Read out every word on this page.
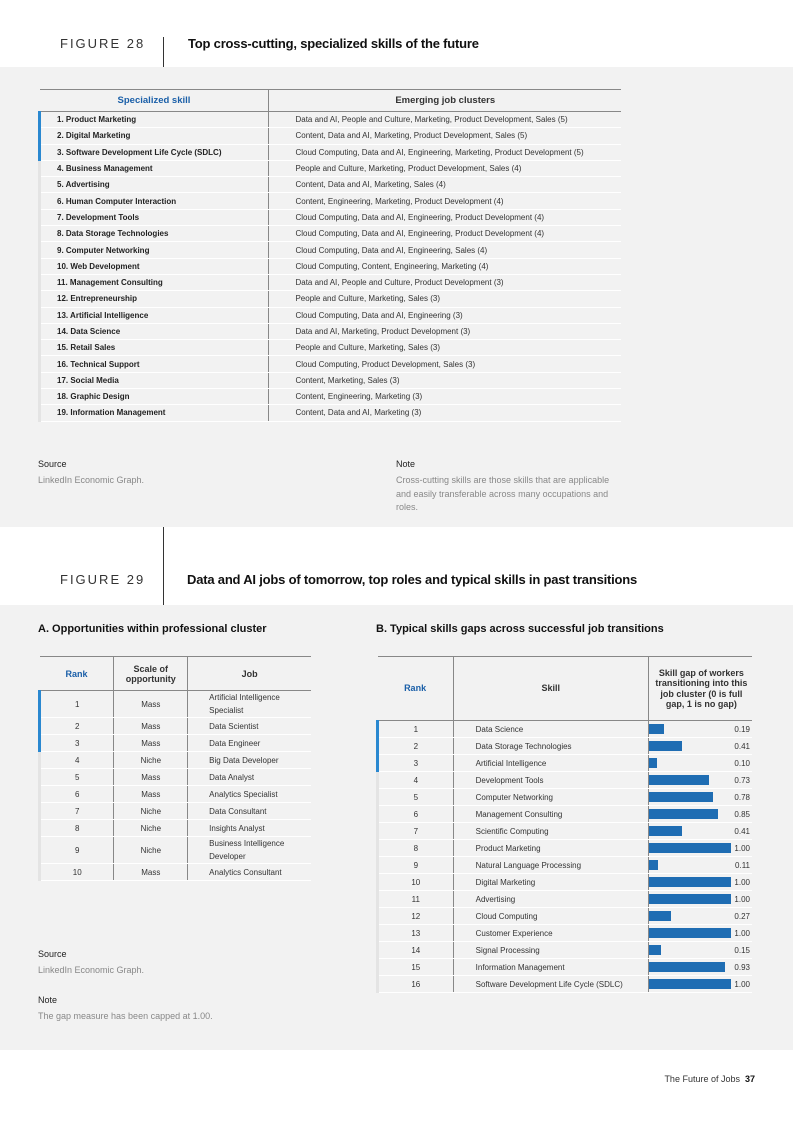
FIGURE 28	Top cross-cutting, specialized skills of the future
Specialized skill	Emerging job clusters
1. Product Marketing	Data and AI, People and Culture, Marketing, Product Development, Sales (5)
2. Digital Marketing	Content, Data and AI, Marketing, Product Development, Sales (5)
3. Software Development Life Cycle (SDLC)	Cloud Computing, Data and AI, Engineering, Marketing, Product Development (5)
4. Business Management	People and Culture, Marketing, Product Development, Sales (4)
5. Advertising	Content, Data and AI, Marketing, Sales (4)
6. Human Computer Interaction	Content, Engineering, Marketing, Product Development (4)
7. Development Tools	Cloud Computing, Data and AI, Engineering, Product Development (4)
8. Data Storage Technologies	Cloud Computing, Data and AI, Engineering, Product Development (4)
9. Computer Networking	Cloud Computing, Data and AI, Engineering, Sales (4)
10. Web Development	Cloud Computing, Content, Engineering, Marketing (4)
11. Management Consulting	Data and AI, People and Culture, Product Development (3)
12. Entrepreneurship	People and Culture, Marketing, Sales (3)
13. Artificial Intelligence	Cloud Computing, Data and AI, Engineering (3)
14. Data Science	Data and AI, Marketing, Product Development (3)
15. Retail Sales	People and Culture, Marketing, Sales (3)
16. Technical Support	Cloud Computing, Product Development, Sales (3)
17. Social Media	Content, Marketing, Sales (3)
18. Graphic Design	Content, Engineering, Marketing (3)
19. Information Management	Content, Data and AI, Marketing (3)
Source
LinkedIn Economic Graph.
Note
Cross-cutting skills are those skills that are applicable and easily transferable across many occupations and roles.
FIGURE 29	Data and AI jobs of tomorrow, top roles and typical skills in past transitions
A. Opportunities within professional cluster	B. Typical skills gaps across successful job transitions
Rank	Scale of opportunity	Job
1	Mass	Artificial Intelligence Specialist
2	Mass	Data Scientist
3	Mass	Data Engineer
4	Niche	Big Data Developer
5	Mass	Data Analyst
6	Mass	Analytics Specialist
7	Niche	Data Consultant
8	Niche	Insights Analyst
9	Niche	Business Intelligence Developer
10	Mass	Analytics Consultant
Rank	Skill	Skill gap of workers transitioning into this job cluster (0 is full gap, 1 is no gap)
1	Data Science	0.19

2	Data Storage Technologies	0.41

3	Artificial Intelligence	0.10

4	Development Tools	0.73

5	Computer Networking	0.78

6	Management Consulting	0.85

7	Scientific Computing	0.41

8	Product Marketing	1.00

9	Natural Language Processing	0.11

10	Digital Marketing	1.00

11	Advertising	1.00

12	Cloud Computing	0.27

13	Customer Experience	1.00

14	Signal Processing	0.15

15	Information Management	0.93

16	Software Development Life Cycle (SDLC)	1.00
Source
LinkedIn Economic Graph.
Note
The gap measure has been capped at 1.00.
The Future of Jobs 37
